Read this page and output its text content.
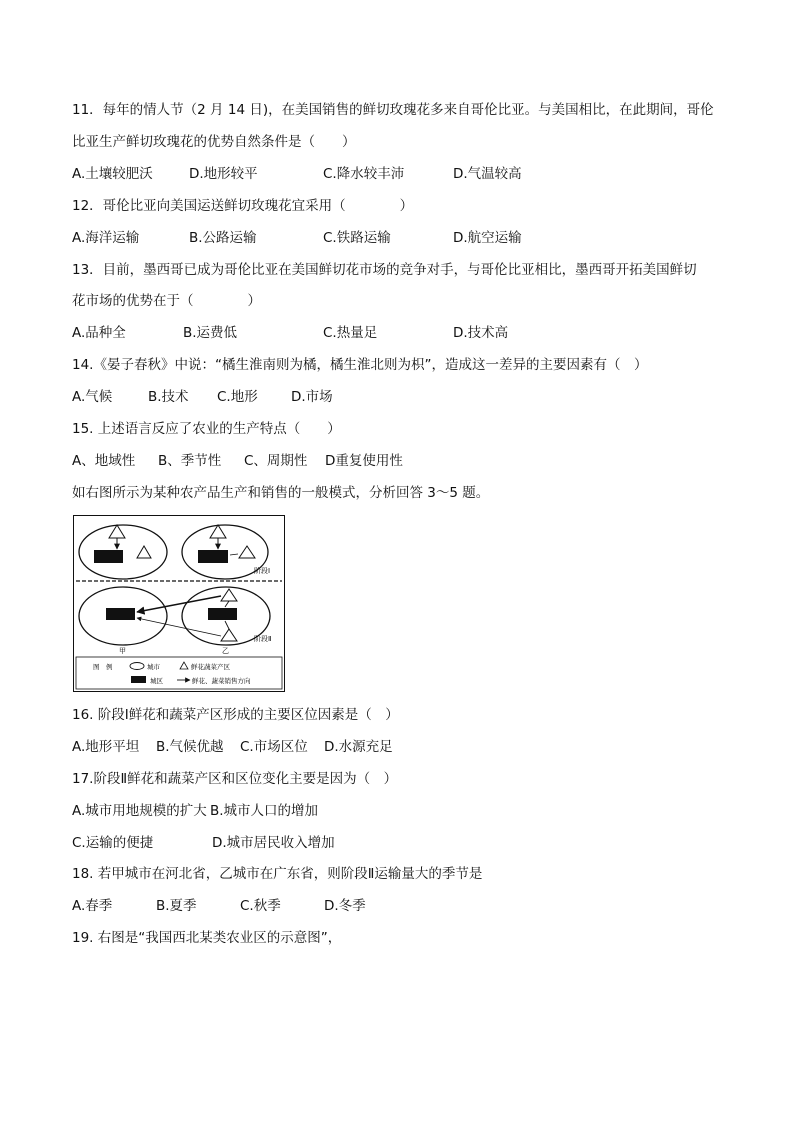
11．每年的情人节（2 月 14 日)，在美国销售的鲜切玫瑰花多来自哥伦比亚。与美国相比，在此期间，哥伦
比亚生产鲜切玫瑰花的优势自然条件是（　　）
A.土壤较肥沃	D.地形较平	C.降水较丰沛	D.气温较高
12．哥伦比亚向美国运送鲜切玫瑰花宜采用（　　　　）
A.海洋运输	B.公路运输	C.铁路运输	D.航空运输
13．目前，墨西哥已成为哥伦比亚在美国鲜切花市场的竞争对手，与哥伦比亚相比，墨西哥开拓美国鲜切
花市场的优势在于（　　　　）
A.品种全	B.运费低	C.热量足	D.技术高
14.《晏子春秋》中说：“橘生淮南则为橘，橘生淮北则为枳”，造成这一差异的主要因素有（　）
A.气候	B.技术 C.地形 D.市场
15. 上述语言反应了农业的生产特点（　　）
A、地域性 B、季节性 C、周期性 D重复使用性
如右图所示为某种农产品生产和销售的一般模式，分析回答 3～5 题。
阶段Ⅰ
阶段Ⅱ
甲	乙
图　例	城市	鲜花蔬菜产区
城区	鲜花、蔬菜销售方向
16. 阶段Ⅰ鲜花和蔬菜产区形成的主要区位因素是（　）
A.地形平坦 B.气候优越 C.市场区位 D.水源充足
17.阶段Ⅱ鲜花和蔬菜产区和区位变化主要是因为（　）
A.城市用地规模的扩大 B.城市人口的增加
C.运输的便捷	D.城市居民收入增加
18. 若甲城市在河北省，乙城市在广东省，则阶段Ⅱ运输量大的季节是
A.春季	B.夏季	C.秋季	D.冬季
19. 右图是“我国西北某类农业区的示意图”，
